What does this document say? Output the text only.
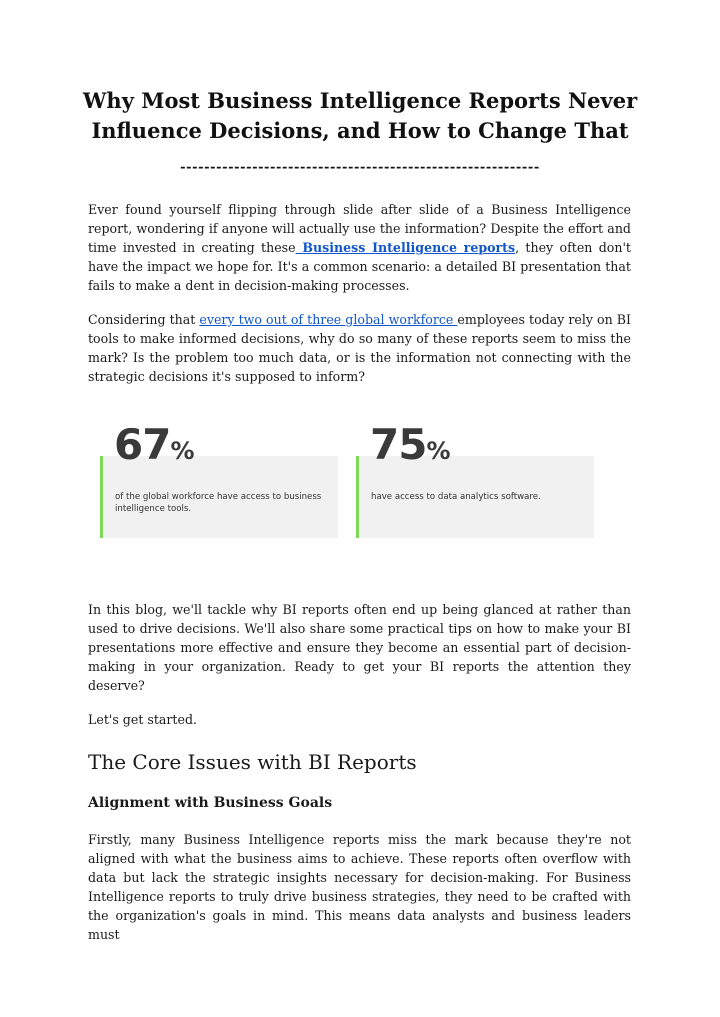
Why Most Business Intelligence Reports Never
Influence Decisions, and How to Change That
------------------------------------------------------------

Ever found yourself flipping through slide after slide of a Business Intelligence report, wondering if anyone will actually use the information? Despite the effort and time invested in creating these Business Intelligence reports, they often don't have the impact we hope for. It's a common scenario: a detailed BI presentation that fails to make a dent in decision-making processes.

Considering that every two out of three global workforce employees today rely on BI tools to make informed decisions, why do so many of these reports seem to miss the mark? Is the problem too much data, or is the information not connecting with the strategic decisions it's supposed to inform?

67%
of the global workforce have access to business intelligence tools.
75%
have access to data analytics software.

In this blog, we'll tackle why BI reports often end up being glanced at rather than used to drive decisions. We'll also share some practical tips on how to make your BI presentations more effective and ensure they become an essential part of decision-making in your organization. Ready to get your BI reports the attention they deserve?

Let's get started.

The Core Issues with BI Reports
Alignment with Business Goals

Firstly, many Business Intelligence reports miss the mark because they're not aligned with what the business aims to achieve. These reports often overflow with data but lack the strategic insights necessary for decision-making. For Business Intelligence reports to truly drive business strategies, they need to be crafted with the organization's goals in mind. This means data analysts and business leaders must
